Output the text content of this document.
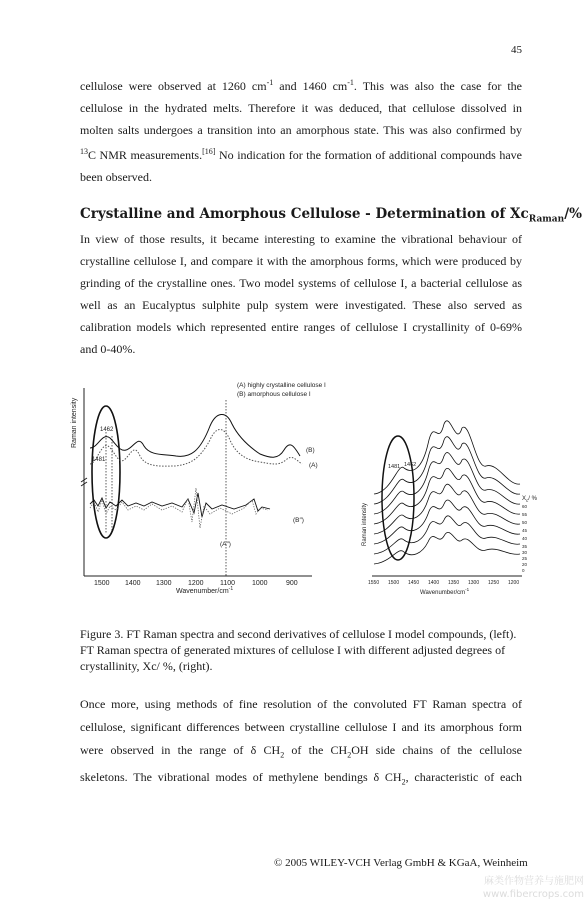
45
cellulose were observed at 1260 $cm^{-1}$ and 1460 $cm^{-1}$. This was also the case for the
cellulose in the hydrated melts. Therefore it was deduced, that cellulose dissolved in
molten salts undergoes a transition into an amorphous state. This was also confirmed by
$^{13}$C NMR measurements.[16] No indication for the formation of additional compounds have
been observed.
Crystalline and Amorphous Cellulose - Determination of $Xc_{Raman}/\%$
In view of those results, it became interesting to examine the vibrational behaviour of
crystalline cellulose I, and compare it with the amorphous forms, which were produced by
grinding of the crystalline ones. Two model systems of cellulose I, a bacterial cellulose as
well as an Eucalyptus sulphite pulp system were investigated. These also served as
calibration models which represented entire ranges of cellulose I crystallinity of 0-69%
and 0-40%.
(A) highly crystalline cellulose I
(B) amorphous cellulose I
Raman intensity	1462
1481
(B)
(A)
(B″)
(A″)
1500 1400 1300 1200 1100 1000	900
Wavenumber/$cm^{-1}$
Raman intensity
1481 1462
$X_c/$ %
60
55
50
45
40
35
30
25
20
0
1550 1500 1450 1400 1350 1300 1250 1200
Wavenumber/$cm^{-1}$
Figure 3. FT Raman spectra and second derivatives of cellulose I model compounds, (left).
FT Raman spectra of generated mixtures of cellulose I with different adjusted degrees of
crystallinity, Xc/ %, (right).
Once more, using methods of fine resolution of the convoluted FT Raman spectra of
cellulose, significant differences between crystalline cellulose I and its amorphous form
were observed in the range of δ $CH_2$ of the $CH_2OH$ side chains of the cellulose
skeletons. The vibrational modes of methylene bendings δ $CH_2$, characteristic of each
© 2005 WILEY-VCH Verlag GmbH & KGaA, Weinheim
麻类作物营养与施肥网
www.fibercrops.com
